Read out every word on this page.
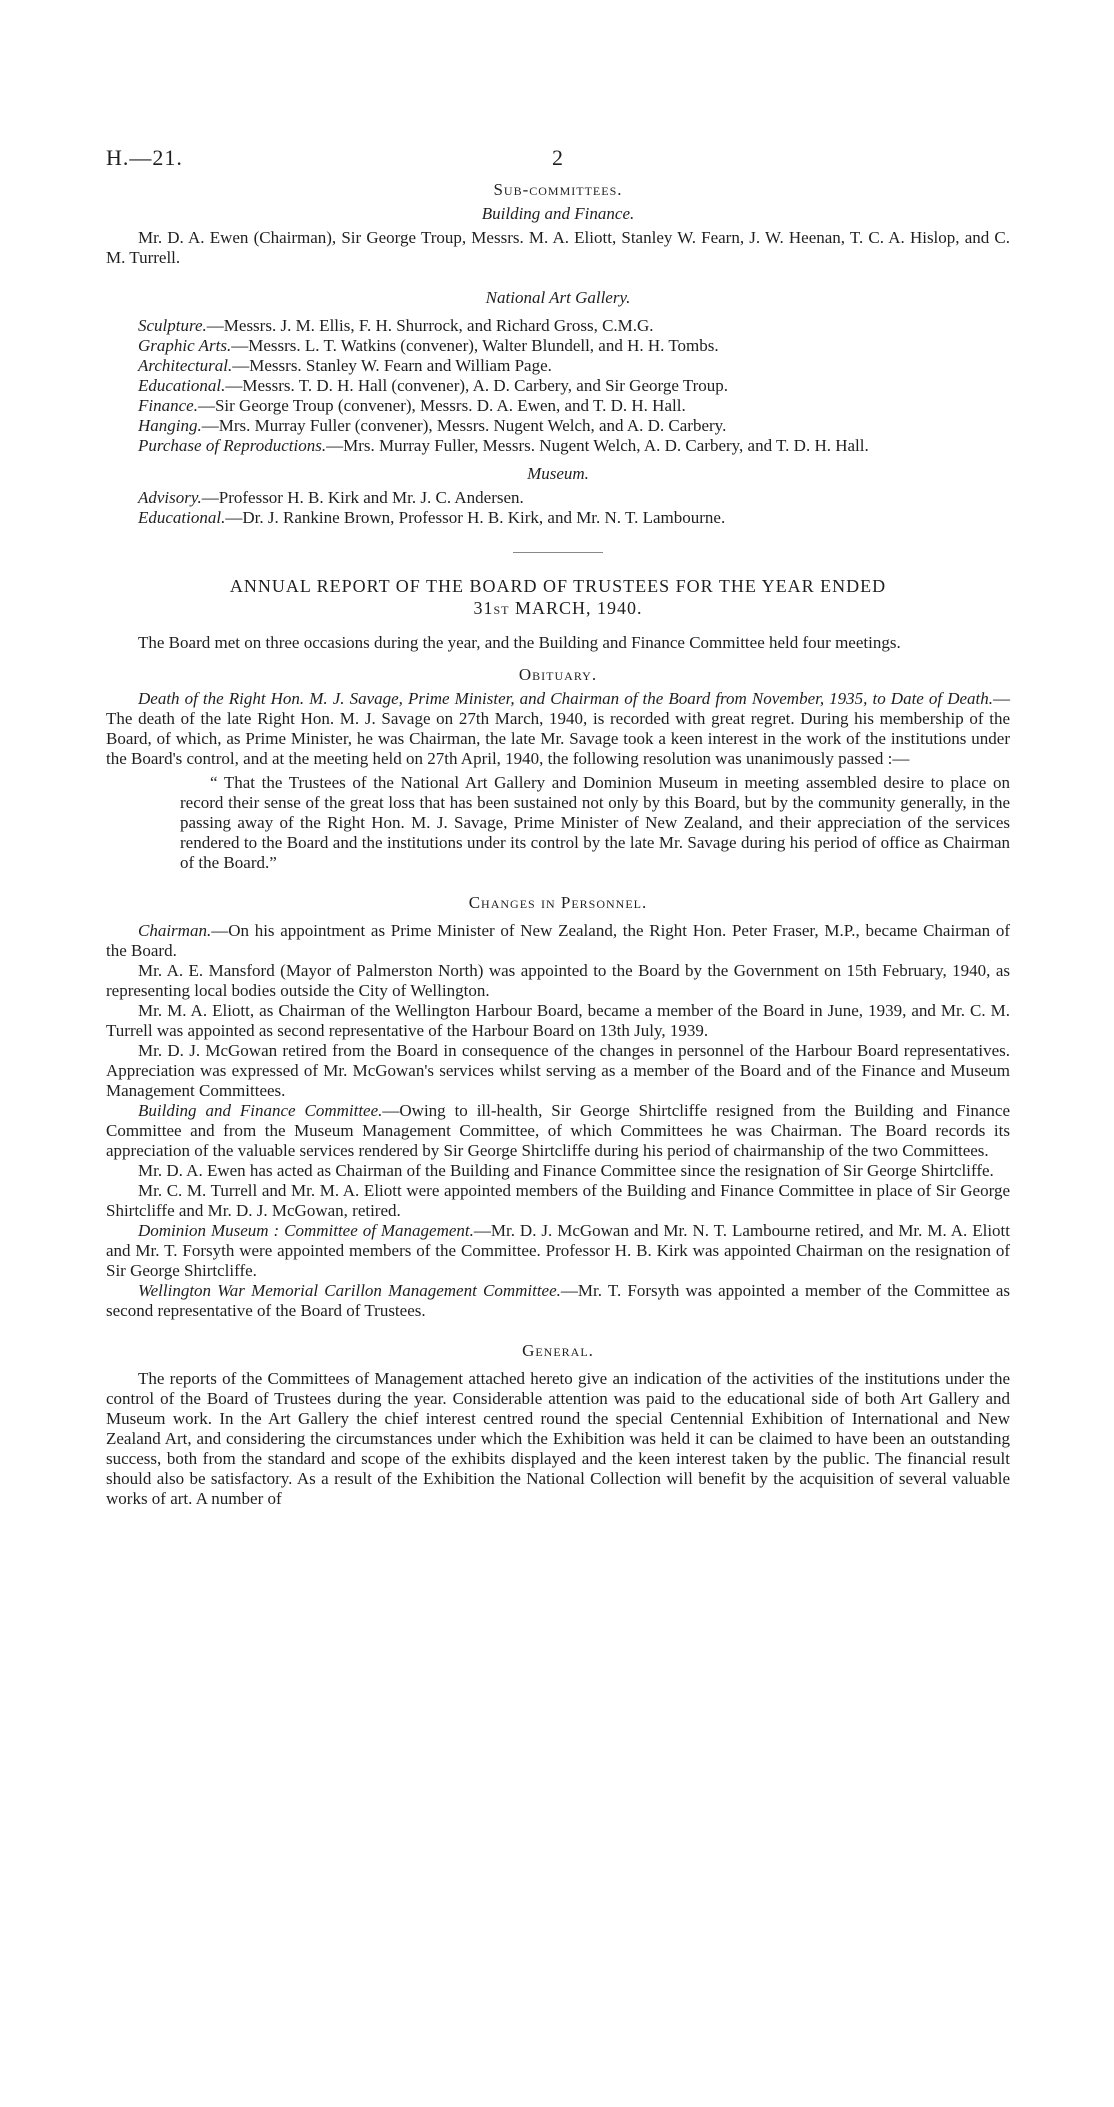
H.—21.	2
Sub-committees.
Building and Finance.

Mr. D. A. Ewen (Chairman), Sir George Troup, Messrs. M. A. Eliott, Stanley W. Fearn, J. W. Heenan, T. C. A. Hislop, and C. M. Turrell.

National Art Gallery.

Sculpture.—Messrs. J. M. Ellis, F. H. Shurrock, and Richard Gross, C.M.G.

Graphic Arts.—Messrs. L. T. Watkins (convener), Walter Blundell, and H. H. Tombs.

Architectural.—Messrs. Stanley W. Fearn and William Page.

Educational.—Messrs. T. D. H. Hall (convener), A. D. Carbery, and Sir George Troup.

Finance.—Sir George Troup (convener), Messrs. D. A. Ewen, and T. D. H. Hall.

Hanging.—Mrs. Murray Fuller (convener), Messrs. Nugent Welch, and A. D. Carbery.

Purchase of Reproductions.—Mrs. Murray Fuller, Messrs. Nugent Welch, A. D. Carbery, and T. D. H. Hall.

Museum.

Advisory.—Professor H. B. Kirk and Mr. J. C. Andersen.

Educational.—Dr. J. Rankine Brown, Professor H. B. Kirk, and Mr. N. T. Lambourne.

ANNUAL REPORT OF THE BOARD OF TRUSTEES FOR THE YEAR ENDED
31ST MARCH, 1940.

The Board met on three occasions during the year, and the Building and Finance Committee held four meetings.

Obituary.

Death of the Right Hon. M. J. Savage, Prime Minister, and Chairman of the Board from November, 1935, to Date of Death.—The death of the late Right Hon. M. J. Savage on 27th March, 1940, is recorded with great regret. During his membership of the Board, of which, as Prime Minister, he was Chairman, the late Mr. Savage took a keen interest in the work of the institutions under the Board's control, and at the meeting held on 27th April, 1940, the following resolution was unanimously passed :—

“ That the Trustees of the National Art Gallery and Dominion Museum in meeting assembled desire to place on record their sense of the great loss that has been sustained not only by this Board, but by the community generally, in the passing away of the Right Hon. M. J. Savage, Prime Minister of New Zealand, and their appreciation of the services rendered to the Board and the institutions under its control by the late Mr. Savage during his period of office as Chairman of the Board.”

Changes in Personnel.

Chairman.—On his appointment as Prime Minister of New Zealand, the Right Hon. Peter Fraser, M.P., became Chairman of the Board.

Mr. A. E. Mansford (Mayor of Palmerston North) was appointed to the Board by the Government on 15th February, 1940, as representing local bodies outside the City of Wellington.

Mr. M. A. Eliott, as Chairman of the Wellington Harbour Board, became a member of the Board in June, 1939, and Mr. C. M. Turrell was appointed as second representative of the Harbour Board on 13th July, 1939.

Mr. D. J. McGowan retired from the Board in consequence of the changes in personnel of the Harbour Board representatives. Appreciation was expressed of Mr. McGowan's services whilst serving as a member of the Board and of the Finance and Museum Management Committees.

Building and Finance Committee.—Owing to ill-health, Sir George Shirtcliffe resigned from the Building and Finance Committee and from the Museum Management Committee, of which Committees he was Chairman. The Board records its appreciation of the valuable services rendered by Sir George Shirtcliffe during his period of chairmanship of the two Committees.

Mr. D. A. Ewen has acted as Chairman of the Building and Finance Committee since the resignation of Sir George Shirtcliffe.

Mr. C. M. Turrell and Mr. M. A. Eliott were appointed members of the Building and Finance Committee in place of Sir George Shirtcliffe and Mr. D. J. McGowan, retired.

Dominion Museum : Committee of Management.—Mr. D. J. McGowan and Mr. N. T. Lambourne retired, and Mr. M. A. Eliott and Mr. T. Forsyth were appointed members of the Committee. Professor H. B. Kirk was appointed Chairman on the resignation of Sir George Shirtcliffe.

Wellington War Memorial Carillon Management Committee.—Mr. T. Forsyth was appointed a member of the Committee as second representative of the Board of Trustees.

General.

The reports of the Committees of Management attached hereto give an indication of the activities of the institutions under the control of the Board of Trustees during the year. Considerable attention was paid to the educational side of both Art Gallery and Museum work. In the Art Gallery the chief interest centred round the special Centennial Exhibition of International and New Zealand Art, and considering the circumstances under which the Exhibition was held it can be claimed to have been an outstanding success, both from the standard and scope of the exhibits displayed and the keen interest taken by the public. The financial result should also be satisfactory. As a result of the Exhibition the National Collection will benefit by the acquisition of several valuable works of art. A number of
